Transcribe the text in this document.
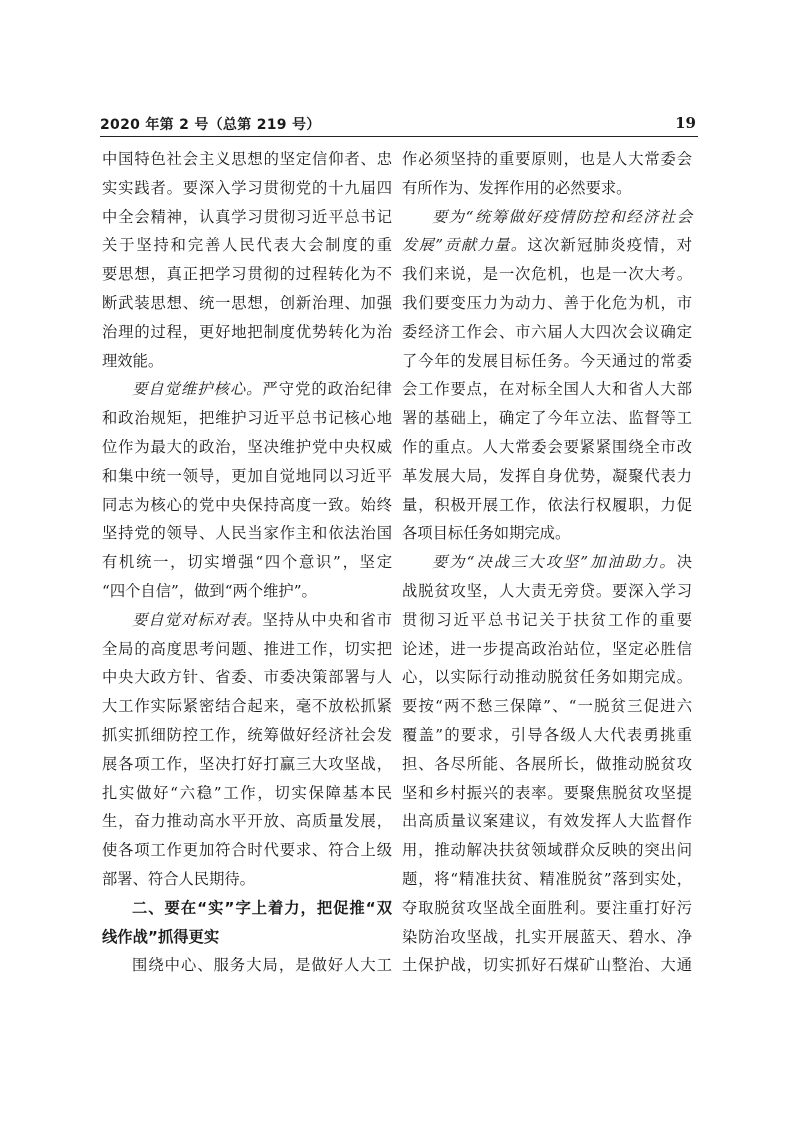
2020 年第 2 号（总第 219 号）	19
中国特色社会主义思想的坚定信仰者、忠
实实践者。要深入学习贯彻党的十九届四
中全会精神，认真学习贯彻习近平总书记
关于坚持和完善人民代表大会制度的重
要思想，真正把学习贯彻的过程转化为不
断武装思想、统一思想，创新治理、加强
治理的过程，更好地把制度优势转化为治
理效能。
要自觉维护核心。严守党的政治纪律
和政治规矩，把维护习近平总书记核心地
位作为最大的政治，坚决维护党中央权威
和集中统一领导，更加自觉地同以习近平
同志为核心的党中央保持高度一致。始终
坚持党的领导、人民当家作主和依法治国
有机统一，切实增强“四个意识”，坚定
“四个自信”，做到“两个维护”。
要自觉对标对表。坚持从中央和省市
全局的高度思考问题、推进工作，切实把
中央大政方针、省委、市委决策部署与人
大工作实际紧密结合起来，毫不放松抓紧
抓实抓细防控工作，统筹做好经济社会发
展各项工作，坚决打好打赢三大攻坚战，
扎实做好“六稳”工作，切实保障基本民
生，奋力推动高水平开放、高质量发展，
使各项工作更加符合时代要求、符合上级
部署、符合人民期待。
二、要在“实”字上着力，把促推“双
线作战”抓得更实
围绕中心、服务大局，是做好人大工
作必须坚持的重要原则，也是人大常委会
有所作为、发挥作用的必然要求。
要为“统筹做好疫情防控和经济社会
发展”贡献力量。这次新冠肺炎疫情，对
我们来说，是一次危机，也是一次大考。
我们要变压力为动力、善于化危为机，市
委经济工作会、市六届人大四次会议确定
了今年的发展目标任务。今天通过的常委
会工作要点，在对标全国人大和省人大部
署的基础上，确定了今年立法、监督等工
作的重点。人大常委会要紧紧围绕全市改
革发展大局，发挥自身优势，凝聚代表力
量，积极开展工作，依法行权履职，力促
各项目标任务如期完成。
要为“决战三大攻坚”加油助力。决
战脱贫攻坚，人大责无旁贷。要深入学习
贯彻习近平总书记关于扶贫工作的重要
论述，进一步提高政治站位，坚定必胜信
心，以实际行动推动脱贫任务如期完成。
要按“两不愁三保障”、“一脱贫三促进六
覆盖”的要求，引导各级人大代表勇挑重
担、各尽所能、各展所长，做推动脱贫攻
坚和乡村振兴的表率。要聚焦脱贫攻坚提
出高质量议案建议，有效发挥人大监督作
用，推动解决扶贫领域群众反映的突出问
题，将“精准扶贫、精准脱贫”落到实处，
夺取脱贫攻坚战全面胜利。要注重打好污
染防治攻坚战，扎实开展蓝天、碧水、净
土保护战，切实抓好石煤矿山整治、大通
